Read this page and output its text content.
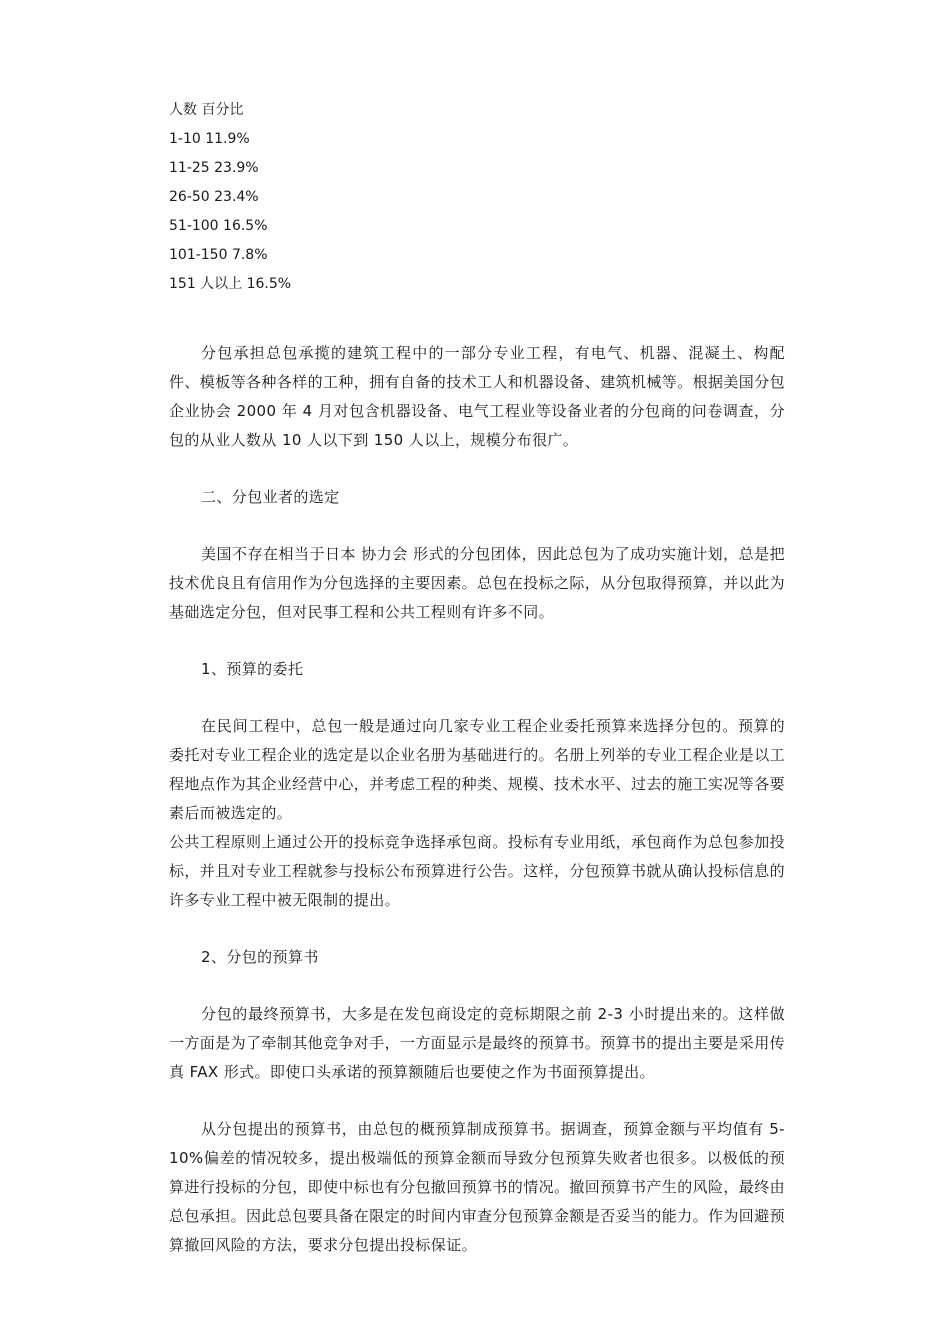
人数 百分比
1-10 11.9%
11-25 23.9%
26-50 23.4%
51-100 16.5%
101-150 7.8%
151 人以上 16.5%

分包承担总包承揽的建筑工程中的一部分专业工程，有电气、机器、混凝土、构配件、模板等各种各样的工种，拥有自备的技术工人和机器设备、建筑机械等。根据美国分包企业协会 2000 年 4 月对包含机器设备、电气工程业等设备业者的分包商的问卷调查，分包的从业人数从 10 人以下到 150 人以上，规模分布很广。

二、分包业者的选定

美国不存在相当于日本 协力会 形式的分包团体，因此总包为了成功实施计划，总是把技术优良且有信用作为分包选择的主要因素。总包在投标之际，从分包取得预算，并以此为基础选定分包，但对民事工程和公共工程则有许多不同。

1、预算的委托

在民间工程中，总包一般是通过向几家专业工程企业委托预算来选择分包的。预算的委托对专业工程企业的选定是以企业名册为基础进行的。名册上列举的专业工程企业是以工程地点作为其企业经营中心，并考虑工程的种类、规模、技术水平、过去的施工实况等各要素后而被选定的。

公共工程原则上通过公开的投标竞争选择承包商。投标有专业用纸，承包商作为总包参加投标，并且对专业工程就参与投标公布预算进行公告。这样，分包预算书就从确认投标信息的许多专业工程中被无限制的提出。

2、分包的预算书

分包的最终预算书，大多是在发包商设定的竞标期限之前 2-3 小时提出来的。这样做一方面是为了牵制其他竞争对手，一方面显示是最终的预算书。预算书的提出主要是采用传真 FAX 形式。即使口头承诺的预算额随后也要使之作为书面预算提出。

从分包提出的预算书，由总包的概预算制成预算书。据调查，预算金额与平均值有 5-10%偏差的情况较多，提出极端低的预算金额而导致分包预算失败者也很多。以极低的预算进行投标的分包，即使中标也有分包撤回预算书的情况。撤回预算书产生的风险，最终由总包承担。因此总包要具备在限定的时间内审查分包预算金额是否妥当的能力。作为回避预算撤回风险的方法，要求分包提出投标保证。
